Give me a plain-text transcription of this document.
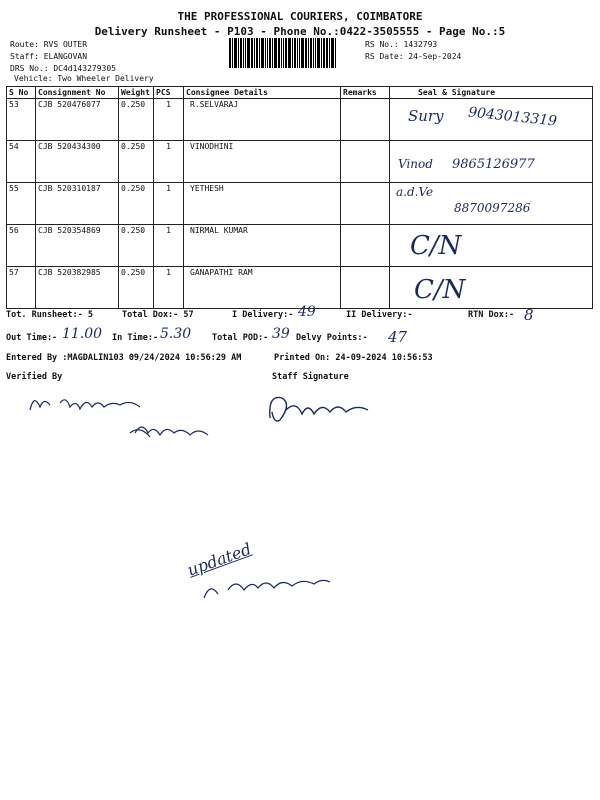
THE PROFESSIONAL COURIERS, COIMBATORE
Delivery Runsheet - P103 - Phone No.:0422-3505555 - Page No.:5
Route: RVS OUTER
Staff: ELANGOVAN
DRS No.: DC4d143279305
Vehicle: Two Wheeler Delivery
RS No.: 1432793
RS Date: 24-Sep-2024
S No	Consignment No	Weight	PCS	Consignee Details	Remarks	Seal & Signature
53	CJB 520476077	0.250	1	R.SELVARAJ		Sury 9043013319

54	CJB 520434300	0.250	1	VINODHINI		Vinod 9865126977

55	CJB 520310187	0.250	1	YETHESH		a.d.Ve
8870097286

56	CJB 520354869	0.250	1	NIRMAL KUMAR		C/N

57	CJB 520382985	0.250	1	GANAPATHI RAM		C/N
Tot. Runsheet:- 5	Total Dox:- 57	I Delivery:- 49	II Delivery:-	RTN Dox:- 8
Out Time:- 11.00 In Time:- 5.30 Total POD:- 39 Delvy Points:- 47
Entered By :MAGDALIN103 09/24/2024 10:56:29 AM	Printed On: 24-09-2024 10:56:53
Verified By	Staff Signature
updated
